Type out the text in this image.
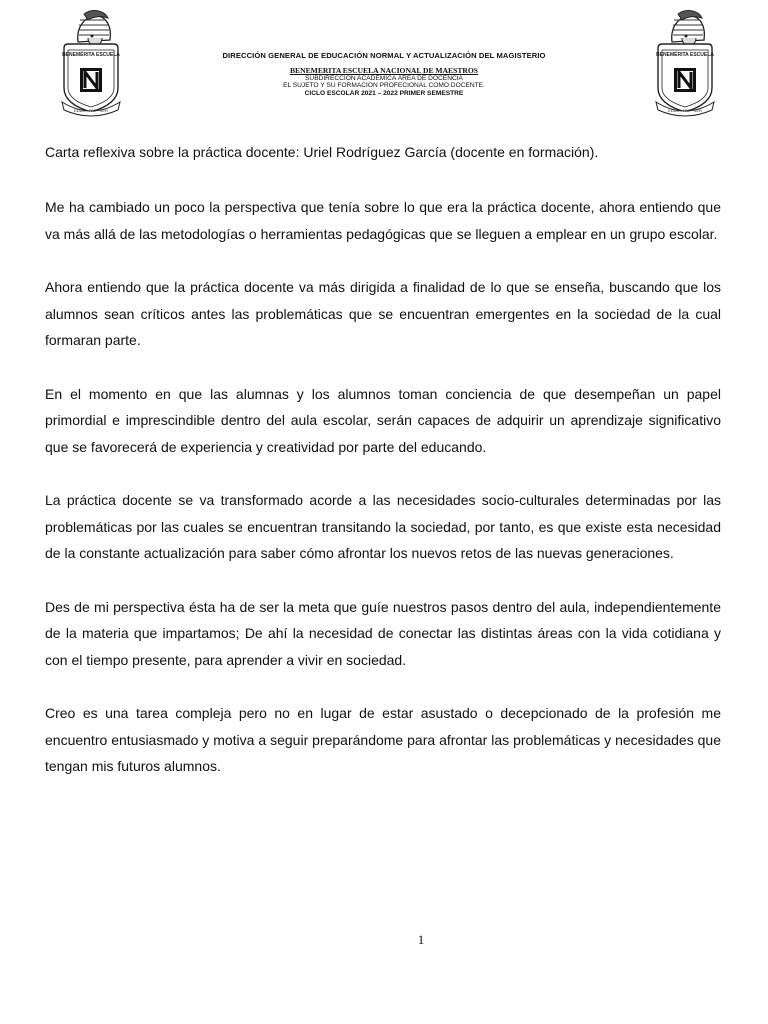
BENEMÉRITA ESCUELA
EDUC · PAT · SER
DIRECCIÓN GENERAL DE EDUCACIÓN NORMAL Y ACTUALIZACIÓN DEL MAGISTERIO
BENEMERITA ESCUELA NACIONAL DE MAESTROS
SUBDIRECCIÓN ACADÉMICA ÁREA DE DOCENCIA
EL SUJETO Y SU FORMACION PROFECIONAL COMO DOCENTE.
CICLO ESCOLAR 2021 – 2022 PRIMER SEMESTRE
BENEMÉRITA ESCUELA
EDUC · PAT · SER
Carta reflexiva sobre la práctica docente: Uriel Rodríguez García (docente en formación).

Me ha cambiado un poco la perspectiva que tenía sobre lo que era la práctica docente, ahora entiendo que va más allá de las metodologías o herramientas pedagógicas que se lleguen a emplear en un grupo escolar.

Ahora entiendo que la práctica docente va más dirigida a finalidad de lo que se enseña, buscando que los alumnos sean críticos antes las problemáticas que se encuentran emergentes en la sociedad de la cual formaran parte.

En el momento en que las alumnas y los alumnos toman conciencia de que desempeñan un papel primordial e imprescindible dentro del aula escolar, serán capaces de adquirir un aprendizaje significativo que se favorecerá de experiencia y creatividad por parte del educando.

La práctica docente se va transformado acorde a las necesidades socio-culturales determinadas por las problemáticas por las cuales se encuentran transitando la sociedad, por tanto, es que existe esta necesidad de la constante actualización para saber cómo afrontar los nuevos retos de las nuevas generaciones.

Des de mi perspectiva ésta ha de ser la meta que guíe nuestros pasos dentro del aula, independientemente de la materia que impartamos; De ahí la necesidad de conectar las distintas áreas con la vida cotidiana y con el tiempo presente, para aprender a vivir en sociedad.

Creo es una tarea compleja pero no en lugar de estar asustado o decepcionado de la profesión me encuentro entusiasmado y motiva a seguir preparándome para afrontar las problemáticas y necesidades que tengan mis futuros alumnos.

1
